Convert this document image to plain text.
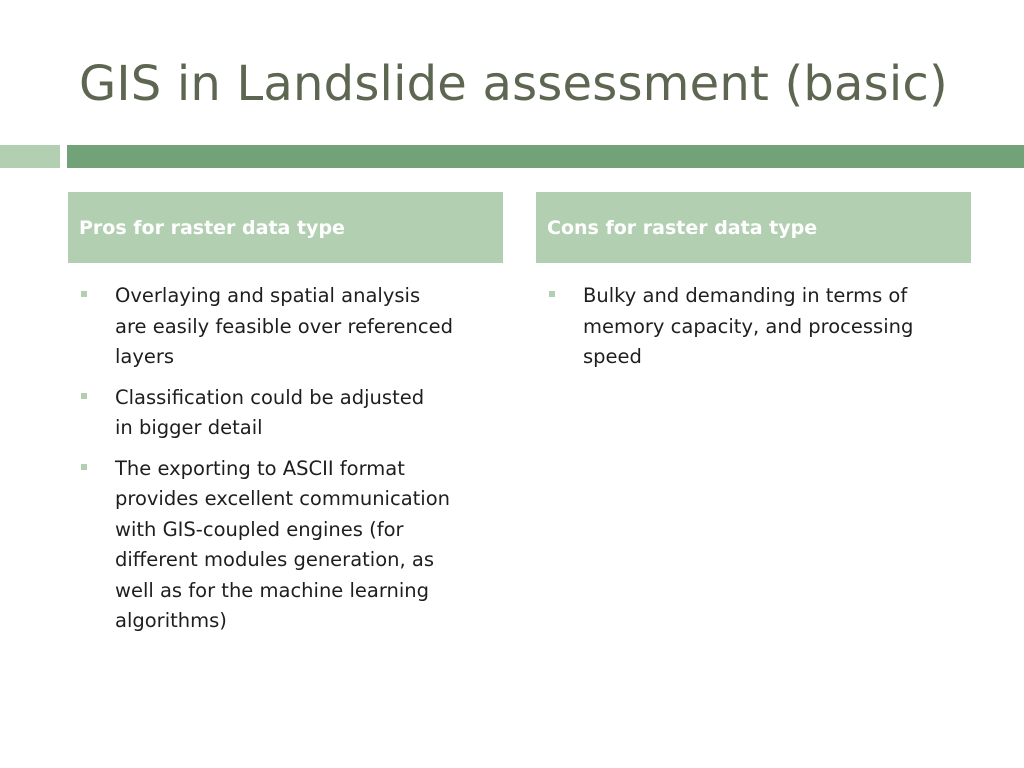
GIS in Landslide assessment (basic)
Pros for raster data type	Cons for raster data type
Overlaying and spatial analysis
are easily feasible over referenced
layers
Classification could be adjusted
in bigger detail
The exporting to ASCII format
provides excellent communication
with GIS-coupled engines (for
different modules generation, as
well as for the machine learning
algorithms)
Bulky and demanding in terms of
memory capacity, and processing
speed
